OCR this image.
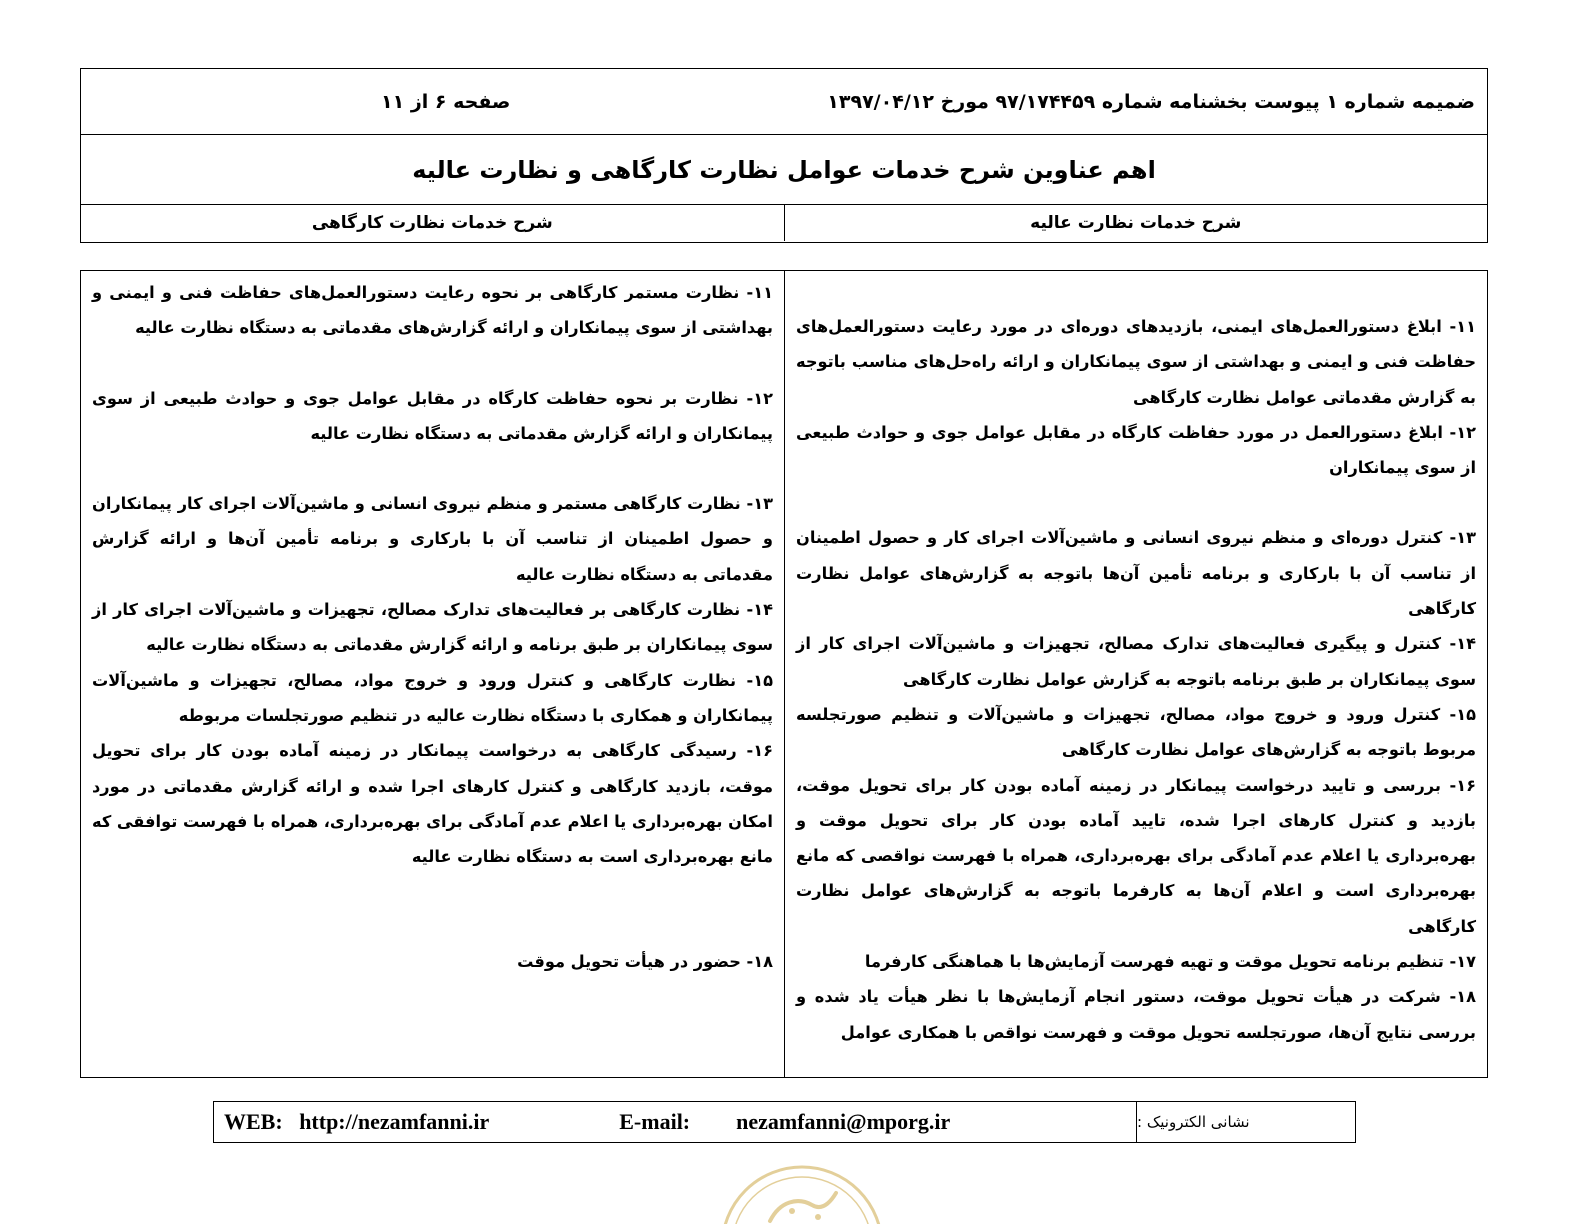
ضمیمه شماره ۱ پیوست بخشنامه شماره ۹۷/۱۷۴۴۵۹ مورخ ۱۳۹۷/۰۴/۱۲
صفحه ۶ از ۱۱
اهم عناوین شرح خدمات عوامل نظارت کارگاهی و نظارت عالیه
شرح خدمات نظارت عالیه
شرح خدمات نظارت کارگاهی

۱۱- ابلاغ دستورالعمل‌های ایمنی، بازدیدهای دوره‌ای در مورد رعایت دستورالعمل‌های حفاظت فنی و ایمنی و بهداشتی از سوی پیمانکاران و ارائه راه‌حل‌های مناسب باتوجه به گزارش مقدماتی عوامل نظارت کارگاهی

۱۲- ابلاغ دستورالعمل در مورد حفاظت کارگاه در مقابل عوامل جوی و حوادث طبیعی از سوی پیمانکاران

۱۳- کنترل دوره‌ای و منظم نیروی انسانی و ماشین‌آلات اجرای کار و حصول اطمینان از تناسب آن با بارکاری و برنامه تأمین آن‌ها باتوجه به گزارش‌های عوامل نظارت کارگاهی

۱۴- کنترل و پیگیری فعالیت‌های تدارک مصالح، تجهیزات و ماشین‌آلات اجرای کار از سوی پیمانکاران بر طبق برنامه باتوجه به گزارش عوامل نظارت کارگاهی

۱۵- کنترل ورود و خروج مواد، مصالح، تجهیزات و ماشین‌آلات و تنظیم صورتجلسه مربوط باتوجه به گزارش‌های عوامل نظارت کارگاهی

۱۶- بررسی و تایید درخواست پیمانکار در زمینه آماده بودن کار برای تحویل موقت، بازدید و کنترل کارهای اجرا شده، تایید آماده بودن کار برای تحویل موقت و بهره‌برداری یا اعلام عدم آمادگی برای بهره‌برداری، همراه با فهرست نواقصی که مانع بهره‌برداری است و اعلام آن‌ها به کارفرما باتوجه به گزارش‌های عوامل نظارت کارگاهی

۱۷- تنظیم برنامه تحویل موقت و تهیه فهرست آزمایش‌ها با هماهنگی کارفرما

۱۸- شرکت در هیأت تحویل موقت، دستور انجام آزمایش‌ها با نظر هیأت یاد شده و بررسی نتایج آن‌ها، صورتجلسه تحویل موقت و فهرست نواقص با همکاری عوامل

۱۱- نظارت مستمر کارگاهی بر نحوه رعایت دستورالعمل‌های حفاظت فنی و ایمنی و بهداشتی از سوی پیمانکاران و ارائه گزارش‌های مقدماتی به دستگاه نظارت عالیه

۱۲- نظارت بر نحوه حفاظت کارگاه در مقابل عوامل جوی و حوادث طبیعی از سوی پیمانکاران و ارائه گزارش مقدماتی به دستگاه نظارت عالیه

۱۳- نظارت کارگاهی مستمر و منظم نیروی انسانی و ماشین‌آلات اجرای کار پیمانکاران و حصول اطمینان از تناسب آن با بارکاری و برنامه تأمین آن‌ها و ارائه گزارش مقدماتی به دستگاه نظارت عالیه

۱۴- نظارت کارگاهی بر فعالیت‌های تدارک مصالح، تجهیزات و ماشین‌آلات اجرای کار از سوی پیمانکاران بر طبق برنامه و ارائه گزارش مقدماتی به دستگاه نظارت عالیه

۱۵- نظارت کارگاهی و کنترل ورود و خروج مواد، مصالح، تجهیزات و ماشین‌آلات پیمانکاران و همکاری با دستگاه نظارت عالیه در تنظیم صورتجلسات مربوطه

۱۶- رسیدگی کارگاهی به درخواست پیمانکار در زمینه آماده بودن کار برای تحویل موقت، بازدید کارگاهی و کنترل کارهای اجرا شده و ارائه گزارش مقدماتی در مورد امکان بهره‌برداری یا اعلام عدم آمادگی برای بهره‌برداری، همراه با فهرست توافقی که مانع بهره‌برداری است به دستگاه نظارت عالیه

۱۸- حضور در هیأت تحویل موقت

WEB:
http://nezamfanni.ir	E-mail: nezamfanni@mporg.ir	نشانی الکترونیک :
